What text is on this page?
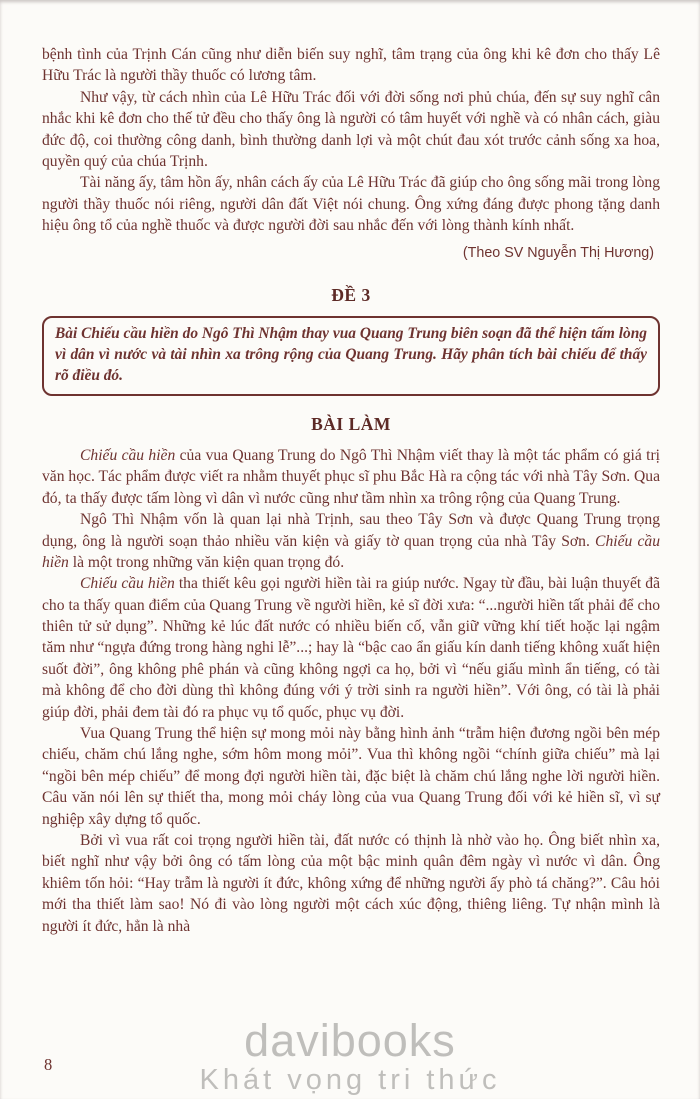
bệnh tình của Trịnh Cán cũng như diễn biến suy nghĩ, tâm trạng của ông khi kê đơn cho thấy Lê Hữu Trác là người thầy thuốc có lương tâm.

Như vậy, từ cách nhìn của Lê Hữu Trác đối với đời sống nơi phủ chúa, đến sự suy nghĩ cân nhắc khi kê đơn cho thế tử đều cho thấy ông là người có tâm huyết với nghề và có nhân cách, giàu đức độ, coi thường công danh, bình thường danh lợi và một chút đau xót trước cảnh sống xa hoa, quyền quý của chúa Trịnh.

Tài năng ấy, tâm hồn ấy, nhân cách ấy của Lê Hữu Trác đã giúp cho ông sống mãi trong lòng người thầy thuốc nói riêng, người dân đất Việt nói chung. Ông xứng đáng được phong tặng danh hiệu ông tổ của nghề thuốc và được người đời sau nhắc đến với lòng thành kính nhất.

(Theo SV Nguyễn Thị Hương)

ĐỀ 3

Bài Chiếu cầu hiền do Ngô Thì Nhậm thay vua Quang Trung biên soạn đã thể hiện tấm lòng vì dân vì nước và tài nhìn xa trông rộng của Quang Trung. Hãy phân tích bài chiếu để thấy rõ điều đó.

BÀI LÀM

Chiếu cầu hiền của vua Quang Trung do Ngô Thì Nhậm viết thay là một tác phẩm có giá trị văn học. Tác phẩm được viết ra nhằm thuyết phục sĩ phu Bắc Hà ra cộng tác với nhà Tây Sơn. Qua đó, ta thấy được tấm lòng vì dân vì nước cũng như tầm nhìn xa trông rộng của Quang Trung.

Ngô Thì Nhậm vốn là quan lại nhà Trịnh, sau theo Tây Sơn và được Quang Trung trọng dụng, ông là người soạn thảo nhiều văn kiện và giấy tờ quan trọng của nhà Tây Sơn. Chiếu cầu hiền là một trong những văn kiện quan trọng đó.

Chiếu cầu hiền tha thiết kêu gọi người hiền tài ra giúp nước. Ngay từ đầu, bài luận thuyết đã cho ta thấy quan điểm của Quang Trung về người hiền, kẻ sĩ đời xưa: “...người hiền tất phải để cho thiên tử sử dụng”. Những kẻ lúc đất nước có nhiều biến cố, vẫn giữ vững khí tiết hoặc lại ngậm tăm như “ngựa đứng trong hàng nghi lễ”...; hay là “bậc cao ẩn giấu kín danh tiếng không xuất hiện suốt đời”, ông không phê phán và cũng không ngợi ca họ, bởi vì “nếu giấu mình ẩn tiếng, có tài mà không để cho đời dùng thì không đúng với ý trời sinh ra người hiền”. Với ông, có tài là phải giúp đời, phải đem tài đó ra phục vụ tổ quốc, phục vụ đời.

Vua Quang Trung thể hiện sự mong mỏi này bằng hình ảnh “trẫm hiện đương ngồi bên mép chiếu, chăm chú lắng nghe, sớm hôm mong mỏi”. Vua thì không ngồi “chính giữa chiếu” mà lại “ngồi bên mép chiếu” để mong đợi người hiền tài, đặc biệt là chăm chú lắng nghe lời người hiền. Câu văn nói lên sự thiết tha, mong mỏi cháy lòng của vua Quang Trung đối với kẻ hiền sĩ, vì sự nghiệp xây dựng tổ quốc.

Bởi vì vua rất coi trọng người hiền tài, đất nước có thịnh là nhờ vào họ. Ông biết nhìn xa, biết nghĩ như vậy bởi ông có tấm lòng của một bậc minh quân đêm ngày vì nước vì dân. Ông khiêm tốn hỏi: “Hay trẫm là người ít đức, không xứng để những người ấy phò tá chăng?”. Câu hỏi mới tha thiết làm sao! Nó đi vào lòng người một cách xúc động, thiêng liêng. Tự nhận mình là người ít đức, hẳn là nhà

8	davibooks
Khát vọng tri thức
